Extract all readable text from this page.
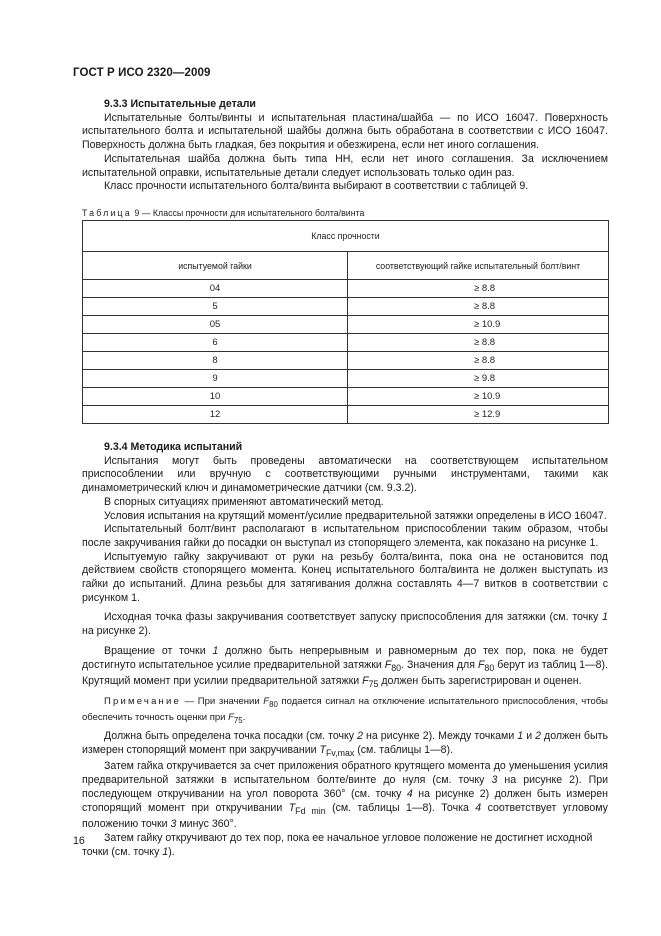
ГОСТ Р ИСО 2320—2009

9.3.3 Испытательные детали

Испытательные болты/винты и испытательная пластина/шайба — по ИСО 16047. Поверхность испытательного болта и испытательной шайбы должна быть обработана в соответствии с ИСО 16047. Поверхность должна быть гладкая, без покрытия и обезжирена, если нет иного соглашения.

Испытательная шайба должна быть типа НН, если нет иного соглашения. За исключением испытательной оправки, испытательные детали следует использовать только один раз.

Класс прочности испытательного болта/винта выбирают в соответствии с таблицей 9.

Таблица 9 — Классы прочности для испытательного болта/винта
Класс прочности	
испытуемой гайки	соответствующий гайке испытательный болт/винт
04	≥ 8.8
5	≥ 8.8
05	≥ 10.9
6	≥ 8.8
8	≥ 8.8
9	≥ 9.8
10	≥ 10.9
12	≥ 12.9

9.3.4 Методика испытаний

Испытания могут быть проведены автоматически на соответствующем испытательном приспособлении или вручную с соответствующими ручными инструментами, такими как динамометрический ключ и динамометрические датчики (см. 9.3.2).

В спорных ситуациях применяют автоматический метод.

Условия испытания на крутящий момент/усилие предварительной затяжки определены в ИСО 16047.

Испытательный болт/винт располагают в испытательном приспособлении таким образом, чтобы после закручивания гайки до посадки он выступал из стопорящего элемента, как показано на рисунке 1.

Испытуемую гайку закручивают от руки на резьбу болта/винта, пока она не остановится под действием свойств стопорящего момента. Конец испытательного болта/винта не должен выступать из гайки до испытаний. Длина резьбы для затягивания должна составлять 4—7 витков в соответствии с рисунком 1.

Исходная точка фазы закручивания соответствует запуску приспособления для затяжки (см. точку 1 на рисунке 2).

Вращение от точки 1 должно быть непрерывным и равномерным до тех пор, пока не будет достигнуто испытательное усилие предварительной затяжки $F_{80}$. Значения для $F_{80}$ берут из таблиц 1—8). Крутящий момент при усилии предварительной затяжки $F_{75}$ должен быть зарегистрирован и оценен.

Примечание — При значении $F_{80}$ подается сигнал на отключение испытательного приспособления, чтобы обеспечить точность оценки при $F_{75}$.

Должна быть определена точка посадки (см. точку 2 на рисунке 2). Между точками 1 и 2 должен быть измерен стопорящий момент при закручивании $T_{Fv,max}$ (см. таблицы 1—8).

Затем гайка откручивается за счет приложения обратного крутящего момента до уменьшения усилия предварительной затяжки в испытательном болте/винте до нуля (см. точку 3 на рисунке 2). При последующем откручивании на угол поворота 360° (см. точку 4 на рисунке 2) должен быть измерен стопорящий момент при откручивании $T_{Fd min}$ (см. таблицы 1—8). Точка 4 соответствует угловому положению точки 3 минус 360°.

Затем гайку откручивают до тех пор, пока ее начальное угловое положение не достигнет исходной точки (см. точку 1).

16
